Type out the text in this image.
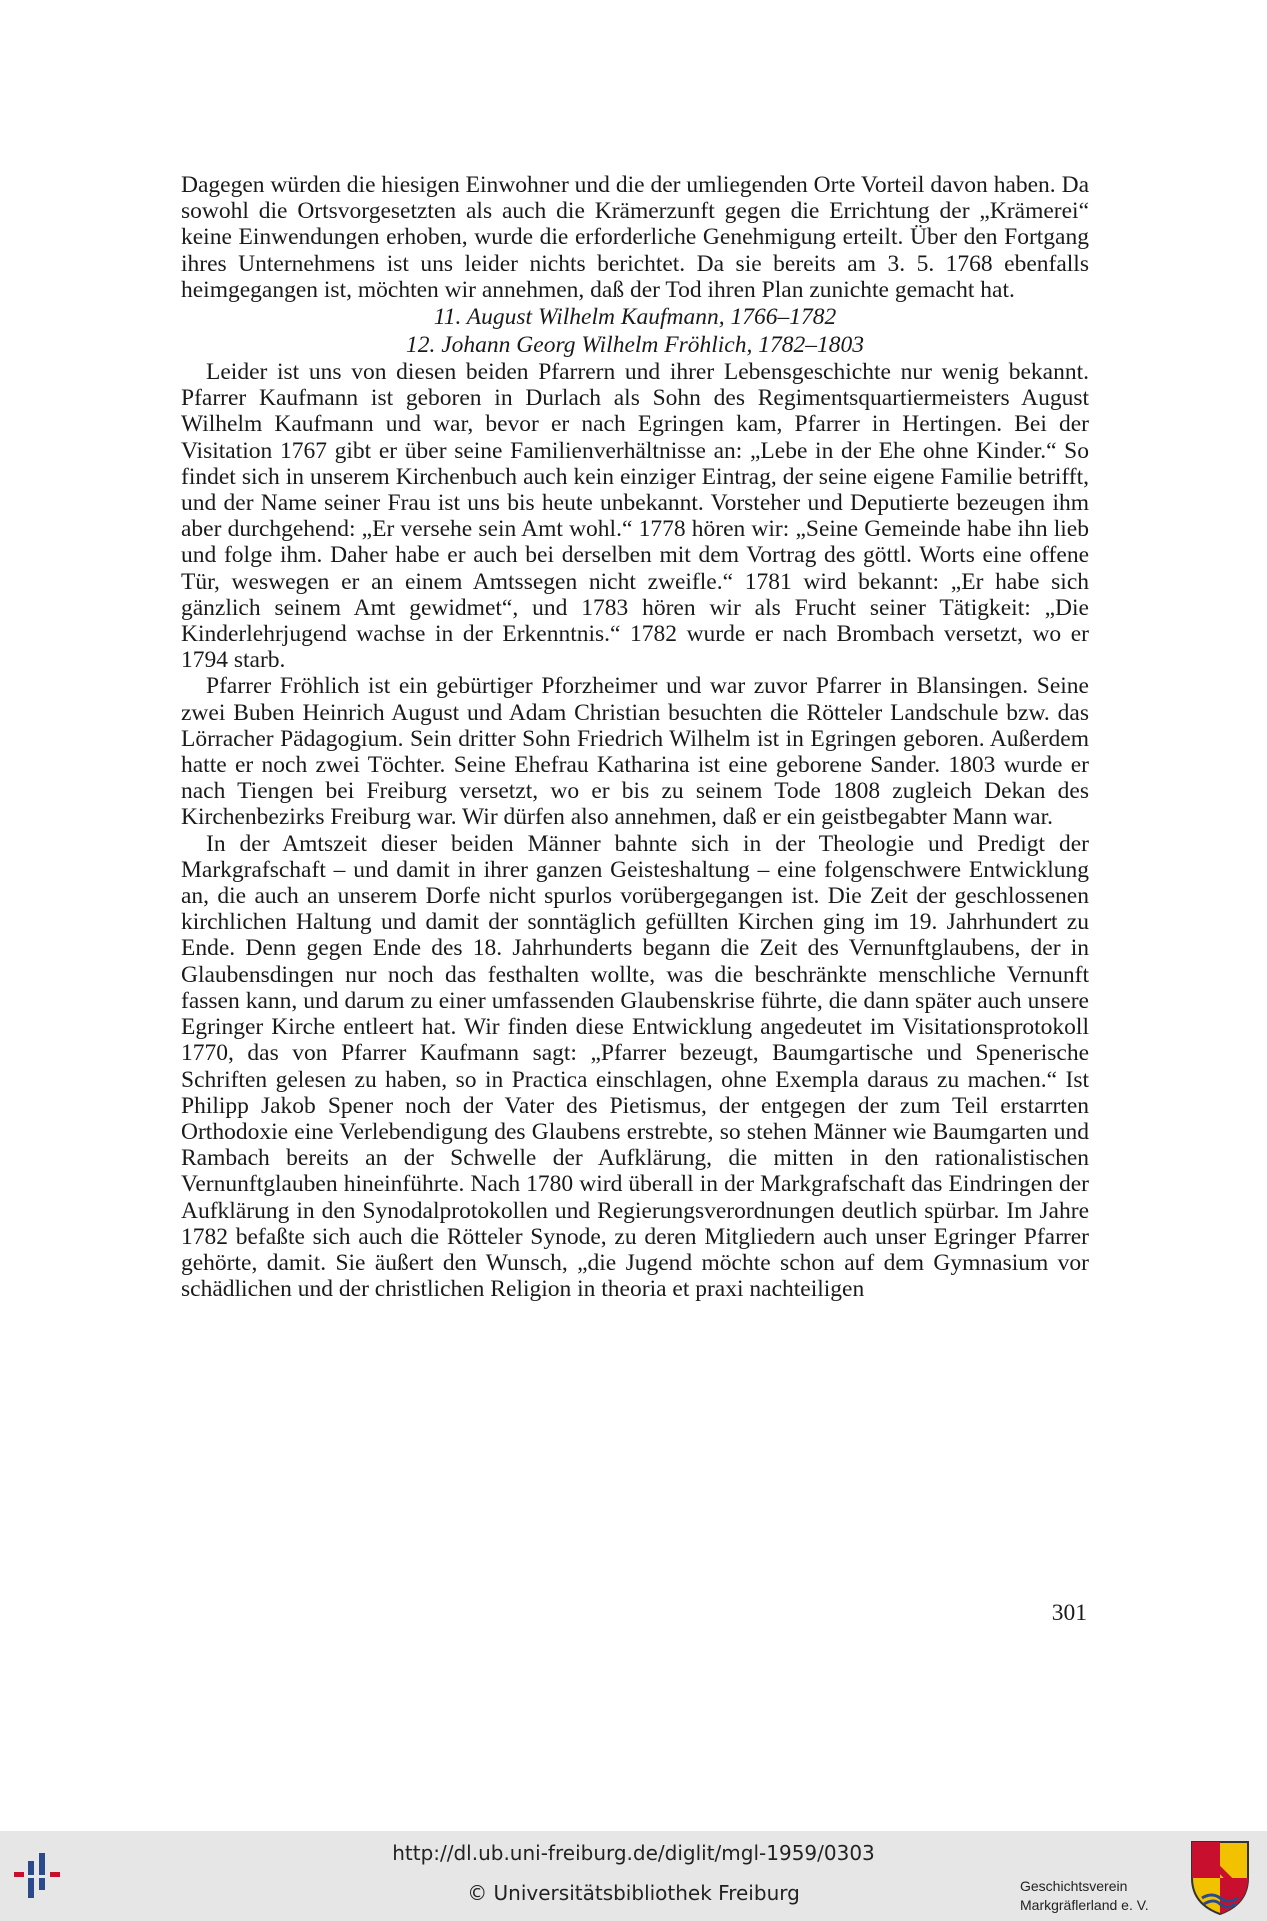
Dagegen würden die hiesigen Einwohner und die der umliegenden Orte Vorteil davon haben. Da sowohl die Ortsvorgesetzten als auch die Krämerzunft gegen die Errichtung der „Krämerei“ keine Einwendungen erhoben, wurde die erforderliche Genehmigung erteilt. Über den Fortgang ihres Unternehmens ist uns leider nichts berichtet. Da sie bereits am 3. 5. 1768 ebenfalls heimgegangen ist, möchten wir annehmen, daß der Tod ihren Plan zunichte gemacht hat.

11. August Wilhelm Kaufmann, 1766–1782

12. Johann Georg Wilhelm Fröhlich, 1782–1803

Leider ist uns von diesen beiden Pfarrern und ihrer Lebensgeschichte nur wenig bekannt. Pfarrer Kaufmann ist geboren in Durlach als Sohn des Regimentsquartiermeisters August Wilhelm Kaufmann und war, bevor er nach Egringen kam, Pfarrer in Hertingen. Bei der Visitation 1767 gibt er über seine Familienverhältnisse an: „Lebe in der Ehe ohne Kinder.“ So findet sich in unserem Kirchenbuch auch kein einziger Eintrag, der seine eigene Familie betrifft, und der Name seiner Frau ist uns bis heute unbekannt. Vorsteher und Deputierte bezeugen ihm aber durchgehend: „Er versehe sein Amt wohl.“ 1778 hören wir: „Seine Gemeinde habe ihn lieb und folge ihm. Daher habe er auch bei derselben mit dem Vortrag des göttl. Worts eine offene Tür, weswegen er an einem Amtssegen nicht zweifle.“ 1781 wird bekannt: „Er habe sich gänzlich seinem Amt gewidmet“, und 1783 hören wir als Frucht seiner Tätigkeit: „Die Kinderlehrjugend wachse in der Erkenntnis.“ 1782 wurde er nach Brombach versetzt, wo er 1794 starb.

Pfarrer Fröhlich ist ein gebürtiger Pforzheimer und war zuvor Pfarrer in Blansingen. Seine zwei Buben Heinrich August und Adam Christian besuchten die Rötteler Landschule bzw. das Lörracher Pädagogium. Sein dritter Sohn Friedrich Wilhelm ist in Egringen geboren. Außerdem hatte er noch zwei Töchter. Seine Ehefrau Katharina ist eine geborene Sander. 1803 wurde er nach Tiengen bei Freiburg versetzt, wo er bis zu seinem Tode 1808 zugleich Dekan des Kirchenbezirks Freiburg war. Wir dürfen also annehmen, daß er ein geistbegabter Mann war.

In der Amtszeit dieser beiden Männer bahnte sich in der Theologie und Predigt der Markgrafschaft – und damit in ihrer ganzen Geisteshaltung – eine folgenschwere Entwicklung an, die auch an unserem Dorfe nicht spurlos vorübergegangen ist. Die Zeit der geschlossenen kirchlichen Haltung und damit der sonntäglich gefüllten Kirchen ging im 19. Jahrhundert zu Ende. Denn gegen Ende des 18. Jahrhunderts begann die Zeit des Vernunftglaubens, der in Glaubensdingen nur noch das festhalten wollte, was die beschränkte menschliche Vernunft fassen kann, und darum zu einer umfassenden Glaubenskrise führte, die dann später auch unsere Egringer Kirche entleert hat. Wir finden diese Entwicklung angedeutet im Visitationsprotokoll 1770, das von Pfarrer Kaufmann sagt: „Pfarrer bezeugt, Baumgartische und Spenerische Schriften gelesen zu haben, so in Practica einschlagen, ohne Exempla daraus zu machen.“ Ist Philipp Jakob Spener noch der Vater des Pietismus, der entgegen der zum Teil erstarrten Orthodoxie eine Verlebendigung des Glaubens erstrebte, so stehen Männer wie Baumgarten und Rambach bereits an der Schwelle der Aufklärung, die mitten in den rationalistischen Vernunftglauben hineinführte. Nach 1780 wird überall in der Markgrafschaft das Eindringen der Aufklärung in den Synodalprotokollen und Regierungsverordnungen deutlich spürbar. Im Jahre 1782 befaßte sich auch die Rötteler Synode, zu deren Mitgliedern auch unser Egringer Pfarrer gehörte, damit. Sie äußert den Wunsch, „die Jugend möchte schon auf dem Gymnasium vor schädlichen und der christlichen Religion in theoria et praxi nachteiligen

301
http://dl.ub.uni-freiburg.de/diglit/mgl-1959/0303
© Universitätsbibliothek Freiburg	Geschichtsverein
Markgräflerland e. V.
